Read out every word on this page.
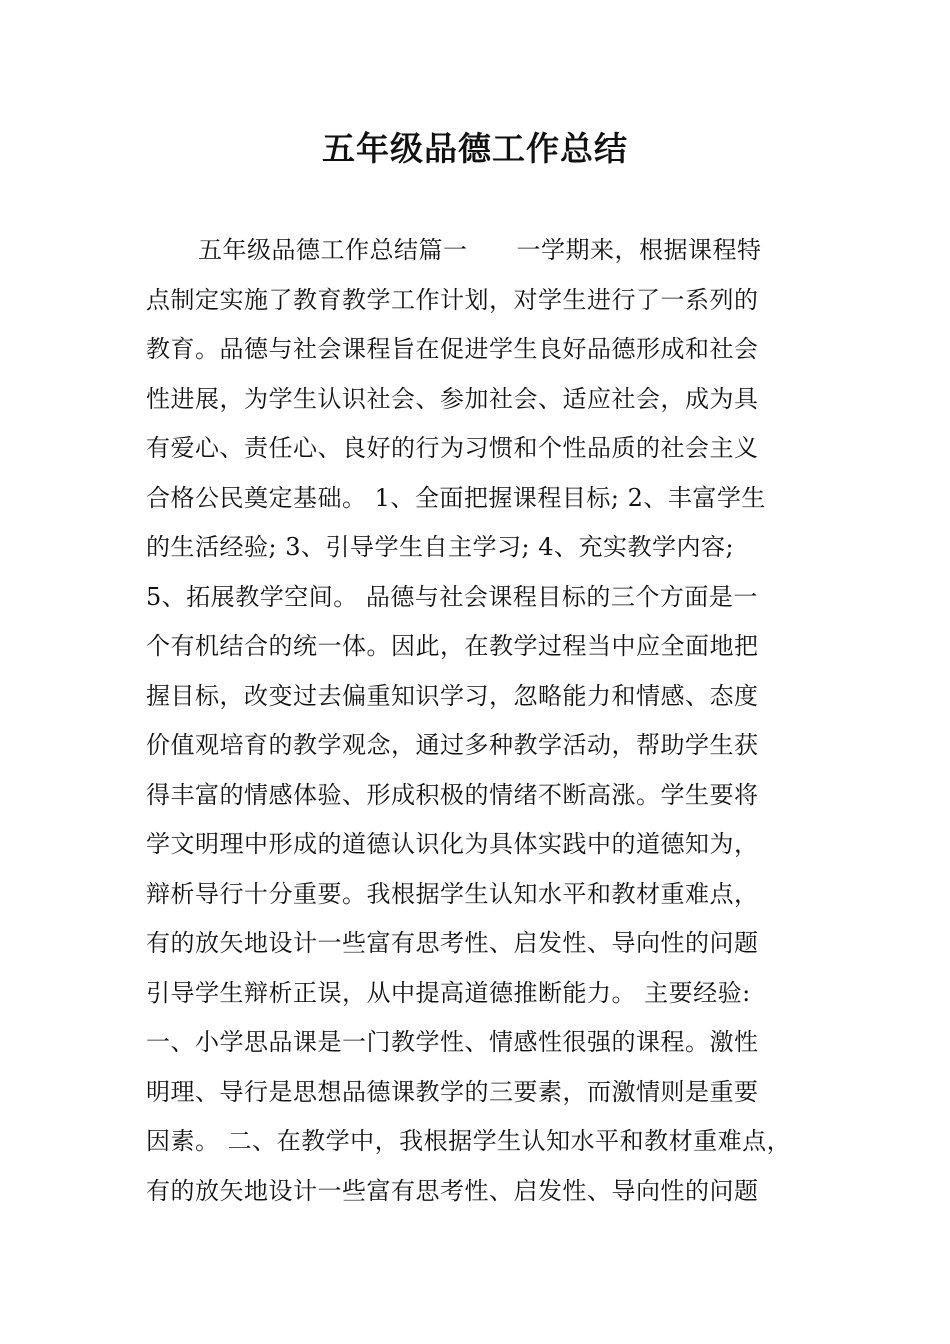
五年级品德工作总结
五年级品德工作总结篇一　　一学期来，根据课程特
点制定实施了教育教学工作计划，对学生进行了一系列的
教育。品德与社会课程旨在促进学生良好品德形成和社会
性进展，为学生认识社会、参加社会、适应社会，成为具
有爱心、责任心、良好的行为习惯和个性品质的社会主义
合格公民奠定基础。 1、全面把握课程目标; 2、丰富学生
的生活经验; 3、引导学生自主学习; 4、充实教学内容;
5、拓展教学空间。 品德与社会课程目标的三个方面是一
个有机结合的统一体。因此，在教学过程当中应全面地把
握目标，改变过去偏重知识学习，忽略能力和情感、态度
价值观培育的教学观念，通过多种教学活动，帮助学生获
得丰富的情感体验、形成积极的情绪不断高涨。学生要将
学文明理中形成的道德认识化为具体实践中的道德知为，
辩析导行十分重要。我根据学生认知水平和教材重难点，
有的放矢地设计一些富有思考性、启发性、导向性的问题
引导学生辩析正误，从中提高道德推断能力。 主要经验:
一、小学思品课是一门教学性、情感性很强的课程。激性
明理、导行是思想品德课教学的三要素，而激情则是重要
因素。 二、在教学中，我根据学生认知水平和教材重难点，
有的放矢地设计一些富有思考性、启发性、导向性的问题
